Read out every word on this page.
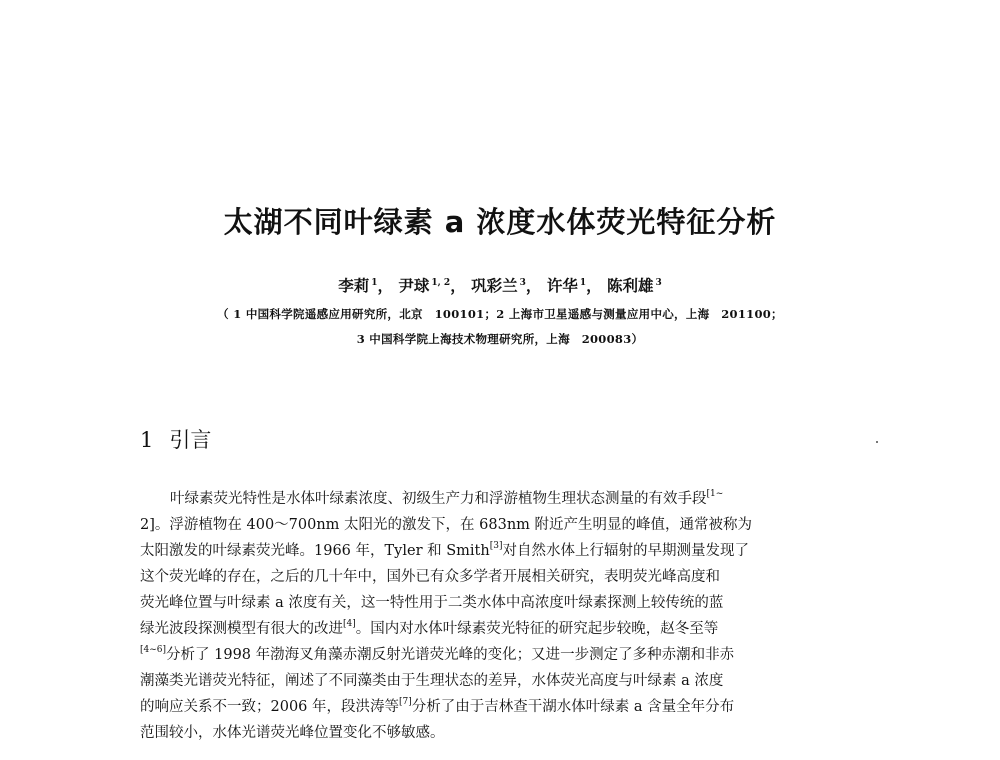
太湖不同叶绿素 a 浓度水体荧光特征分析
李莉 $^1$， 尹球 $^{1, 2}$， 巩彩兰 $^3$， 许华 $^1$， 陈利雄 $^3$
（ 1 中国科学院遥感应用研究所，北京　100101；2 上海市卫星遥感与测量应用中心，上海　201100；
3 中国科学院上海技术物理研究所，上海　200083）
1 引言
叶绿素荧光特性是水体叶绿素浓度、初级生产力和浮游植物生理状态测量的有效手段$^{[1\sim}$
2]。浮游植物在 400～700nm 太阳光的激发下，在 683nm 附近产生明显的峰值，通常被称为
太阳激发的叶绿素荧光峰。1966 年，Tyler 和 Smith[3]对自然水体上行辐射的早期测量发现了
这个荧光峰的存在，之后的几十年中，国外已有众多学者开展相关研究，表明荧光峰高度和
荧光峰位置与叶绿素 a 浓度有关，这一特性用于二类水体中高浓度叶绿素探测上较传统的蓝
绿光波段探测模型有很大的改进[4]。国内对水体叶绿素荧光特征的研究起步较晚，赵冬至等
[4~6]分析了 1998 年渤海叉角藻赤潮反射光谱荧光峰的变化；又进一步测定了多种赤潮和非赤
潮藻类光谱荧光特征，阐述了不同藻类由于生理状态的差异，水体荧光高度与叶绿素 a 浓度
的响应关系不一致；2006 年，段洪涛等[7]分析了由于吉林查干湖水体叶绿素 a 含量全年分布
范围较小，水体光谱荧光峰位置变化不够敏感。
